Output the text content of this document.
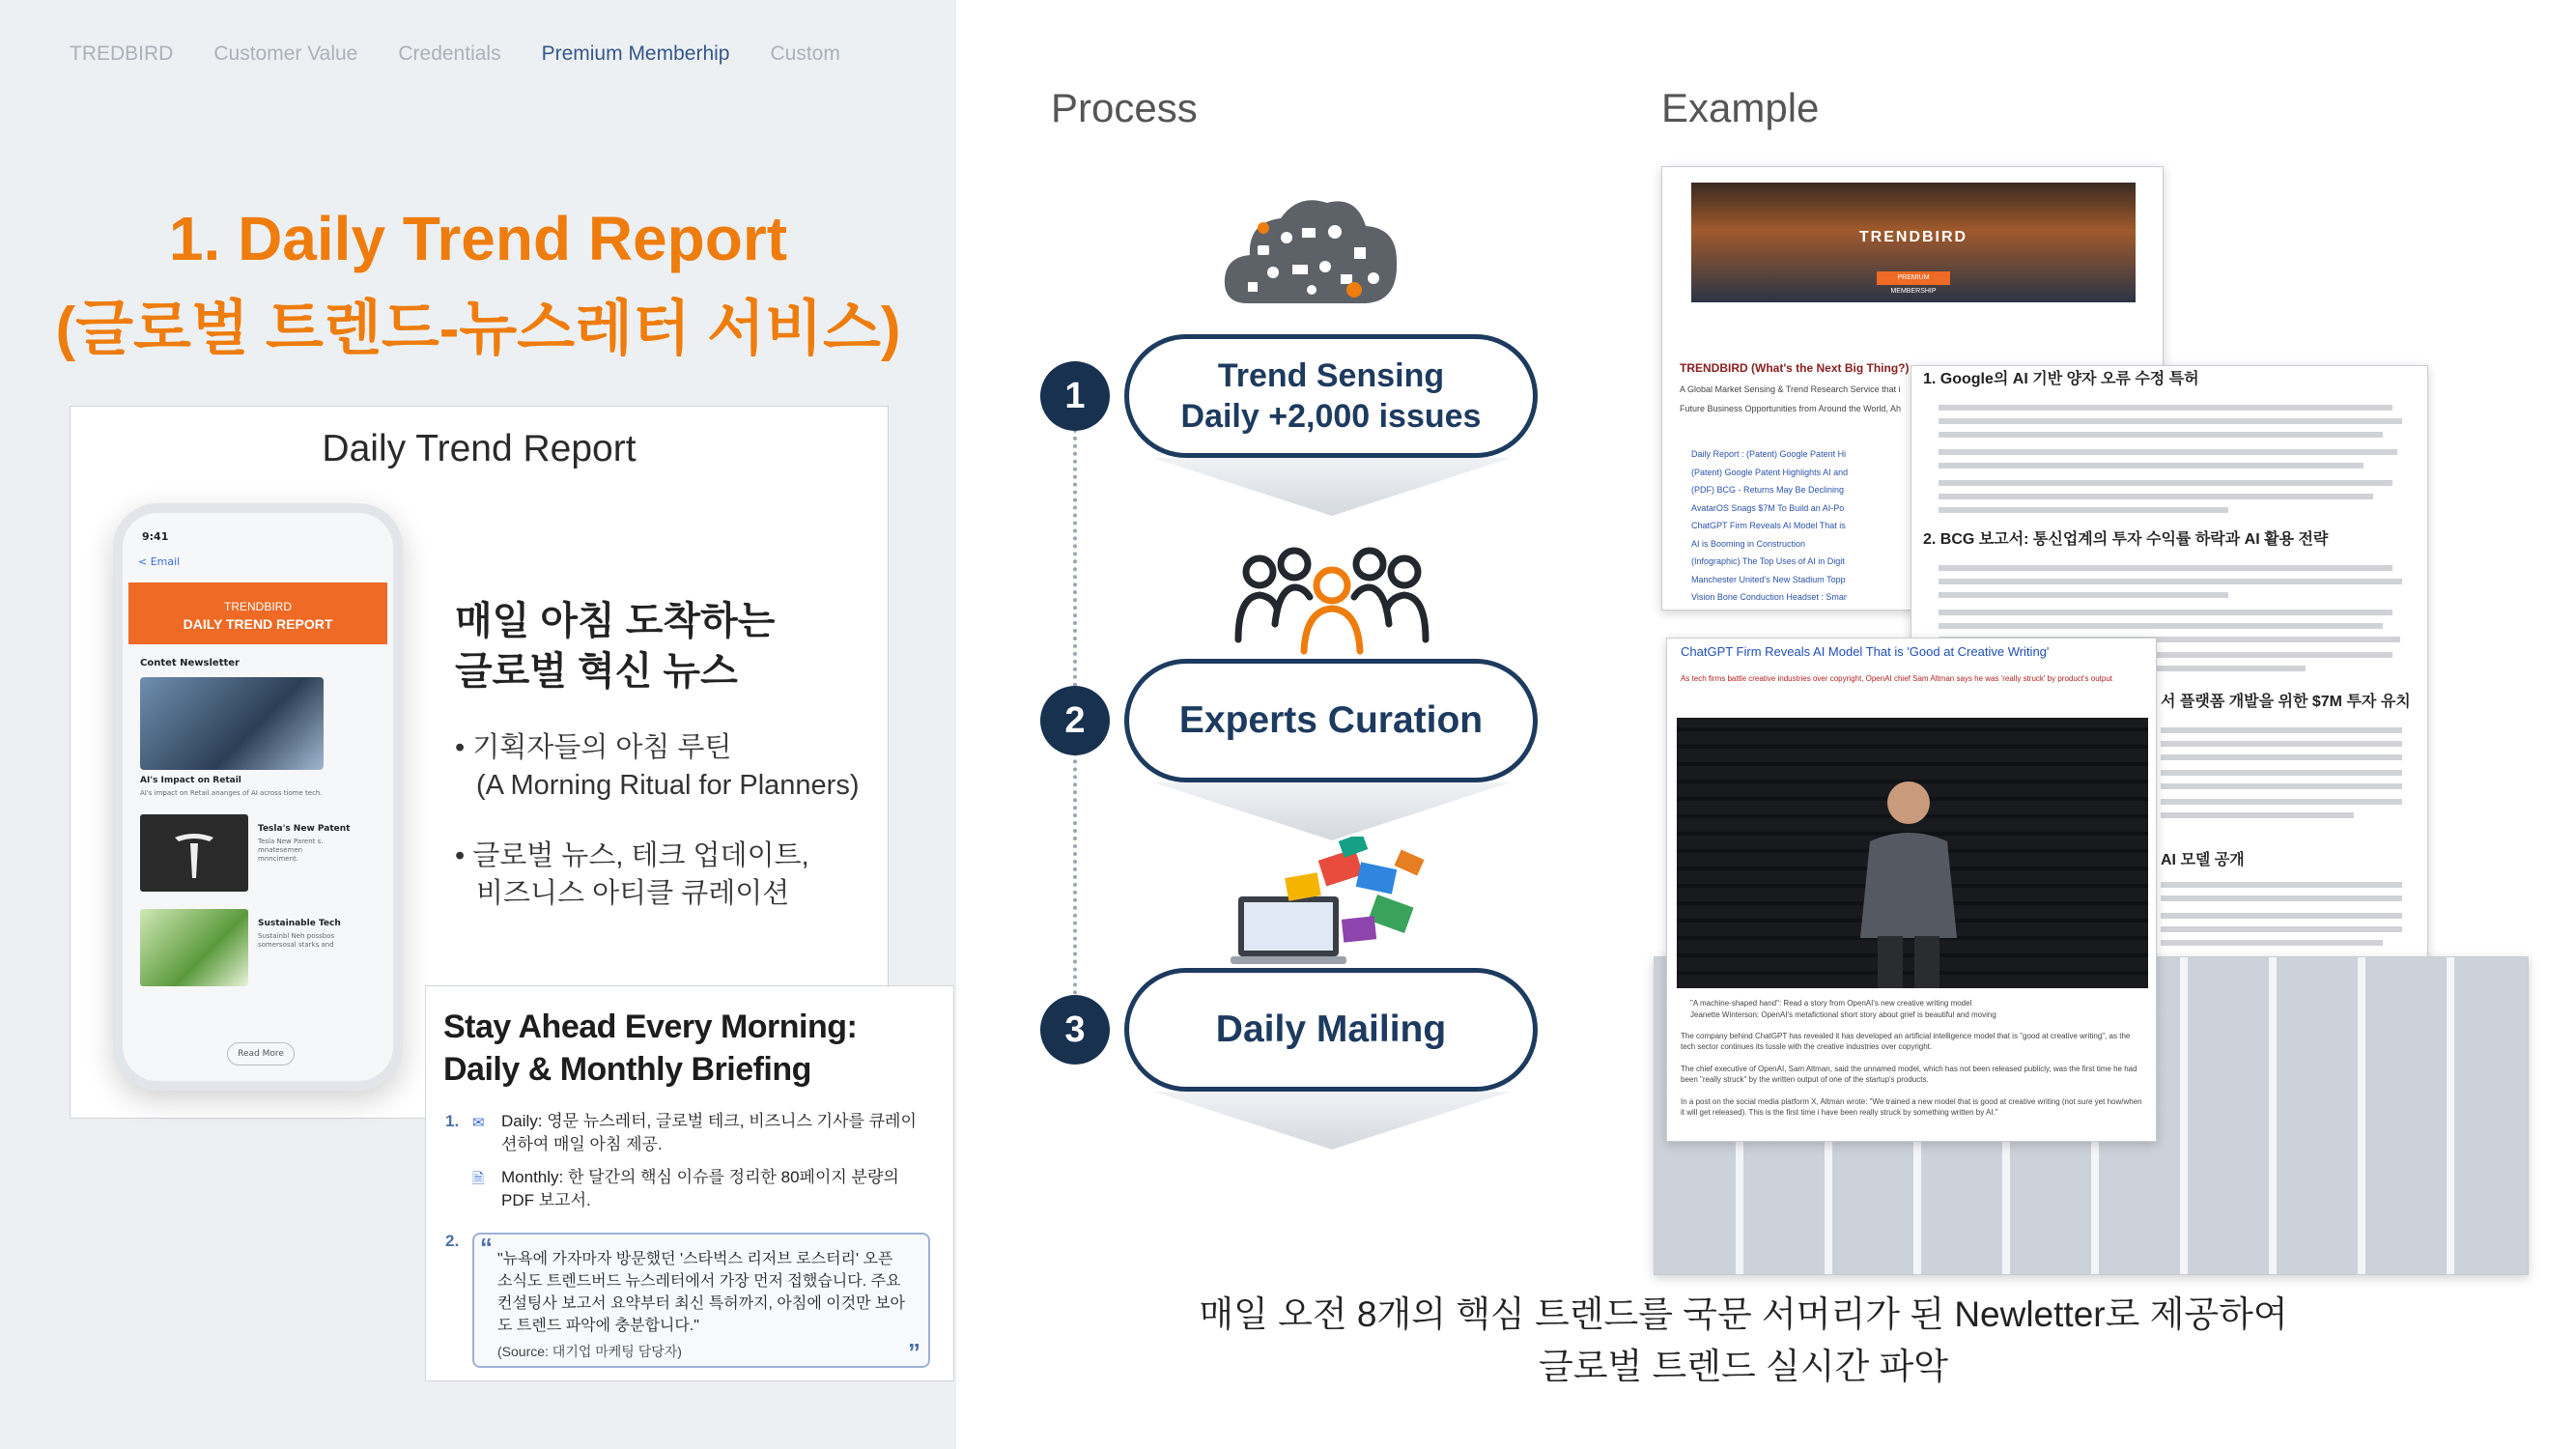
TREDBIRD Customer Value Credentials Premium Memberhip Custom
1. Daily Trend Report
(글로벌 트렌드-뉴스레터 서비스)
Daily Trend Report
9:41
< Email
TRENDBIRD
DAILY TREND REPORT
Contet Newsletter
AI's Impact on Retail
AI's impact on Retail ananges of AI across tiome tech.
Tesla's New Patent
Tesla New Parent s. mnatesemen mnnciment.
Sustainable Tech
Sustainbl Neh possbos somersosal starks and
Read More
매일 아침 도착하는
글로벌 혁신 뉴스
• 기획자들의 아침 루틴
(A Morning Ritual for Planners)
• 글로벌 뉴스, 테크 업데이트,
비즈니스 아티클 큐레이션
Stay Ahead Every Morning:
Daily & Monthly Briefing
1. ✉	Daily: 영문 뉴스레터, 글로벌 테크, 비즈니스 기사를 큐레이션하여 매일 아침 제공.
🗎	Monthly: 한 달간의 핵심 이슈를 정리한 80페이지 분량의 PDF 보고서.
2. “ "뉴욕에 가자마자 방문했던 '스타벅스 리저브 로스터리' 오픈 소식도 트렌드버드 뉴스레터에서 가장 먼저 접했습니다. 주요 컨설팅사 보고서 요약부터 최신 특허까지, 아침에 이것만 보아도 트렌드 파악에 충분합니다."
(Source: 대기업 마케팅 담당자)	”
Process
1	Trend Sensing
Daily +2,000 issues
2	Experts Curation
3	Daily Mailing
Example
TRENDBIRD
PREMIUM MEMBERSHIP
TRENDBIRD (What's the Next Big Thing?)
A Global Market Sensing & Trend Research Service that i
Future Business Opportunities from Around the World, Ah
Daily Report : (Patent) Google Patent Hi
(Patent) Google Patent Highlights AI and
(PDF) BCG - Returns May Be Declining
AvatarOS Snags $7M To Build an AI-Po
ChatGPT Firm Reveals AI Model That is
AI is Booming in Construction
(Infographic) The Top Uses of AI in Digit
Manchester United's New Stadium Topp
Vision Bone Conduction Headset : Smar
1. Google의 AI 기반 양자 오류 수정 특허
2. BCG 보고서: 통신업계의 투자 수익률 하락과 AI 활용 전략
서 플랫폼 개발을 위한 $7M 투자 유치
AI 모델 공개
ChatGPT Firm Reveals AI Model That is 'Good at Creative Writing'
As tech firms battle creative industries over copyright, OpenAI chief Sam Altman says he was 'really struck' by product's output
"A machine-shaped hand": Read a story from OpenAI's new creative writing model
Jeanette Winterson: OpenAI's metafictional short story about grief is beautiful and moving
The company behind ChatGPT has revealed it has developed an artificial intelligence model that is "good at creative writing", as the tech sector continues its tussle with the creative industries over copyright.
The chief executive of OpenAI, Sam Altman, said the unnamed model, which has not been released publicly, was the first time he had been "really struck" by the written output of one of the startup's products.
In a post on the social media platform X, Altman wrote: "We trained a new model that is good at creative writing (not sure yet how/when it will get released). This is the first time i have been really struck by something written by AI."
매일 오전 8개의 핵심 트렌드를 국문 서머리가 된 Newletter로 제공하여
글로벌 트렌드 실시간 파악
